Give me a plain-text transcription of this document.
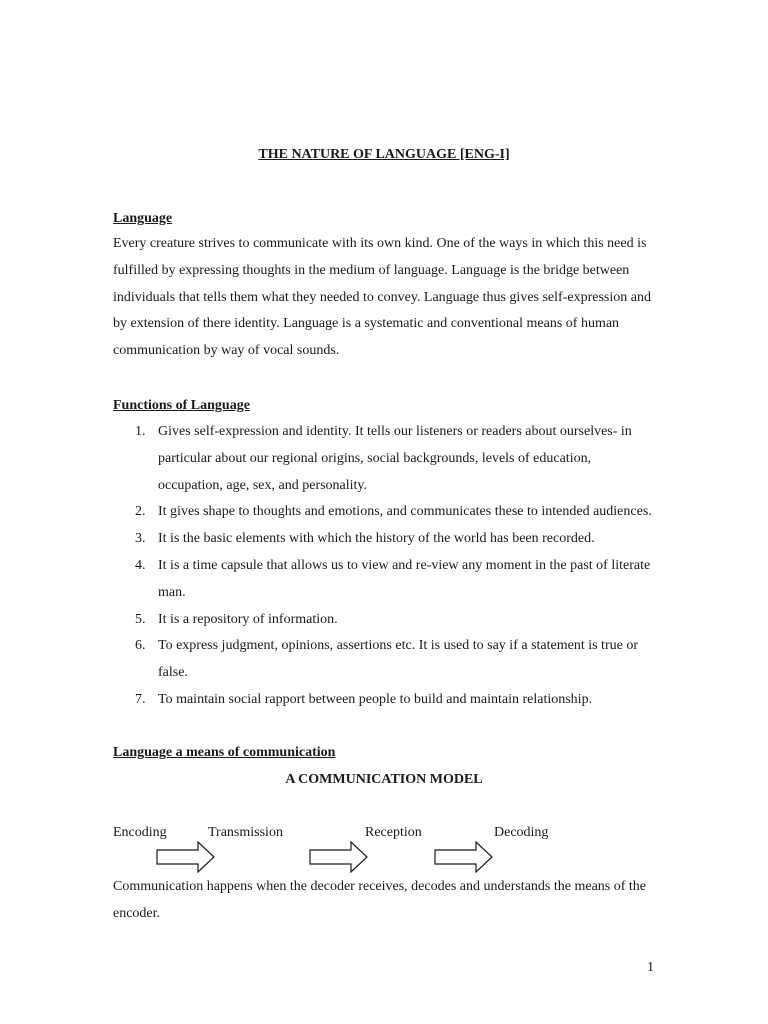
THE NATURE OF LANGUAGE [ENG-I]
Language

Every creature strives to communicate with its own kind. One of the ways in which this need is fulfilled by expressing thoughts in the medium of language. Language is the bridge between individuals that tells them what they needed to convey. Language thus gives self-expression and by extension of there identity. Language is a systematic and conventional means of human communication by way of vocal sounds.

Functions of Language
1. Gives self-expression and identity. It tells our listeners or readers about ourselves- in particular about our regional origins, social backgrounds, levels of education, occupation, age, sex, and personality.
2. It gives shape to thoughts and emotions, and communicates these to intended audiences.
3. It is the basic elements with which the history of the world has been recorded.
4. It is a time capsule that allows us to view and re-view any moment in the past of literate man.
5. It is a repository of information.
6. To express judgment, opinions, assertions etc. It is used to say if a statement is true or false.
7. To maintain social rapport between people to build and maintain relationship.
Language a means of communication
A COMMUNICATION MODEL
Encoding	Transmission	Reception	Decoding

Communication happens when the decoder receives, decodes and understands the means of the encoder.

1
